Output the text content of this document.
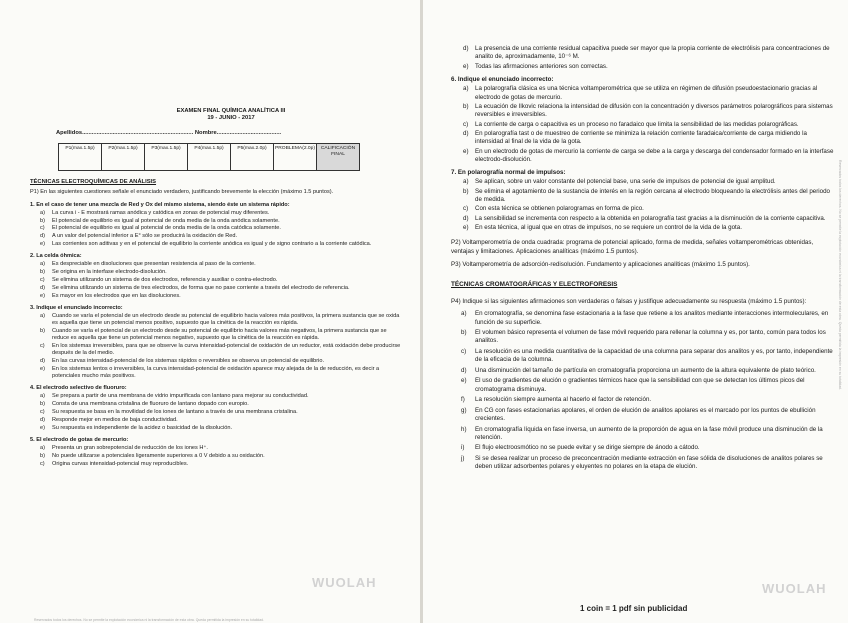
EXAMEN FINAL QUÍMICA ANALÍTICA III
19 - JUNIO - 2017
Apellidos..................................................................... Nombre........................................
P1(max.1.5p)	P2(max.1.5p)	P3(max.1.5p)	P4(max.1.5p)	P5(max.2.0p)	PROBLEMA(2.0p)	CALIFICACIÓN FINAL
TÉCNICAS ELECTROQUÍMICAS DE ANÁLISIS
P1) En las siguientes cuestiones señale el enunciado verdadero, justificando brevemente la elección (máximo 1.5 puntos).
1. En el caso de tener una mezcla de Red y Ox del mismo sistema, siendo éste un sistema rápido:
a) La curva i - E mostrará ramas anódica y catódica en zonas de potencial muy diferentes.
b) El potencial de equilibrio es igual al potencial de onda media de la onda anódica solamente.
c) El potencial de equilibrio es igual al potencial de onda media de la onda catódica solamente.
d) A un valor del potencial inferior a E° sólo se producirá la oxidación de Red.
e) Las corrientes son aditivas y en el potencial de equilibrio la corriente anódica es igual y de signo contrario a la corriente catódica.
2. La celda óhmica:
a) Es despreciable en disoluciones que presentan resistencia al paso de la corriente.
b) Se origina en la interfase electrodo-disolución.
c) Se elimina utilizando un sistema de dos electrodos, referencia y auxiliar o contra-electrodo.
d) Se elimina utilizando un sistema de tres electrodos, de forma que no pase corriente a través del electrodo de referencia.
e) Es mayor en los electrodos que en las disoluciones.
3. Indique el enunciado incorrecto:
a) Cuando se varía el potencial de un electrodo desde su potencial de equilibrio hacia valores más positivos, la primera sustancia que se oxida es aquella que tiene un potencial menos positivo, supuesto que la cinética de la reacción es rápida.
b) Cuando se varía el potencial de un electrodo desde su potencial de equilibrio hacia valores más negativos, la primera sustancia que se reduce es aquella que tiene un potencial menos negativo, supuesto que la cinética de la reacción es rápida.
c) En los sistemas irreversibles, para que se observe la curva intensidad-potencial de oxidación de un reductor, está oxidación debe producirse después de la del medio.
d) En las curvas intensidad-potencial de los sistemas rápidos o reversibles se observa un potencial de equilibrio.
e) En los sistemas lentos o irreversibles, la curva intensidad-potencial de oxidación aparece muy alejada de la de reducción, es decir a potenciales mucho más positivos.
4. El electrodo selectivo de fluoruro:
a) Se prepara a partir de una membrana de vidrio impurificada con lantano para mejorar su conductividad.
b) Consta de una membrana cristalina de fluoruro de lantano dopado con europio.
c) Su respuesta se basa en la movilidad de los iones de lantano a través de una membrana cristalina.
d) Responde mejor en medios de baja conductividad.
e) Su respuesta es independiente de la acidez o basicidad de la disolución.
5. El electrodo de gotas de mercurio:
a) Presenta un gran sobrepotencial de reducción de los iones H⁺.
b) No puede utilizarse a potenciales ligeramente superiores a 0 V debido a su oxidación.
c) Origina curvas intensidad-potencial muy reproducibles.
Reservados todos los derechos. No se permite la explotación económica ni la transformación de esta obra. Queda permitida la impresión en su totalidad.
d) La presencia de una corriente residual capacitiva puede ser mayor que la propia corriente de electrólisis para concentraciones de analito de, aproximadamente, 10⁻⁶ M.
e) Todas las afirmaciones anteriores son correctas.
6. Indique el enunciado incorrecto:
a) La polarografía clásica es una técnica voltamperométrica que se utiliza en régimen de difusión pseudoestacionario gracias al electrodo de gotas de mercurio.
b) La ecuación de Ilkovic relaciona la intensidad de difusión con la concentración y diversos parámetros polarográficos para sistemas reversibles e irreversibles.
c) La corriente de carga o capacitiva es un proceso no faradaico que limita la sensibilidad de las medidas polarográficas.
d) En polarografía tast o de muestreo de corriente se minimiza la relación corriente faradaica/corriente de carga midiendo la intensidad al final de la vida de la gota.
e) En un electrodo de gotas de mercurio la corriente de carga se debe a la carga y descarga del condensador formado en la interfase electrodo-disolución.
7. En polarografía normal de impulsos:
a) Se aplican, sobre un valor constante del potencial base, una serie de impulsos de potencial de igual amplitud.
b) Se elimina el agotamiento de la sustancia de interés en la región cercana al electrodo bloqueando la electrólisis antes del periodo de medida.
c) Con esta técnica se obtienen polarogramas en forma de pico.
d) La sensibilidad se incrementa con respecto a la obtenida en polarografía tast gracias a la disminución de la corriente capacitiva.
e) En esta técnica, al igual que en otras de impulsos, no se requiere un control de la vida de la gota.
P2) Voltamperometría de onda cuadrada: programa de potencial aplicado, forma de medida, señales voltamperométricas obtenidas, ventajas y limitaciones. Aplicaciones analíticas (máximo 1.5 puntos).
P3) Voltamperometría de adsorción-redisolución. Fundamento y aplicaciones analíticas (máximo 1.5 puntos).
TÉCNICAS CROMATOGRÁFICAS Y ELECTROFORESIS
P4) Indique si las siguientes afirmaciones son verdaderas o falsas y justifique adecuadamente su respuesta (máximo 1.5 puntos):
a) En cromatografía, se denomina fase estacionaria a la fase que retiene a los analitos mediante interacciones intermoleculares, en función de su superficie.
b) El volumen básico representa el volumen de fase móvil requerido para rellenar la columna y es, por tanto, común para todos los analitos.
c) La resolución es una medida cuantitativa de la capacidad de una columna para separar dos analitos y es, por tanto, independiente de la eficacia de la columna.
d) Una disminución del tamaño de partícula en cromatografía proporciona un aumento de la altura equivalente de plato teórico.
e) El uso de gradientes de elución o gradientes térmicos hace que la sensibilidad con que se detectan los últimos picos del cromatograma disminuya.
f) La resolución siempre aumenta al hacerlo el factor de retención.
g) En CG con fases estacionarias apolares, el orden de elución de analitos apolares es el marcado por los puntos de ebullición crecientes.
h) En cromatografía líquida en fase inversa, un aumento de la proporción de agua en la fase móvil produce una disminución de la retención.
i) El flujo electroosmótico no se puede evitar y se dirige siempre de ánodo a cátodo.
j) Si se desea realizar un proceso de preconcentración mediante extracción en fase sólida de disoluciones de analitos polares se deben utilizar adsorbentes polares y eluyentes no polares en la etapa de elución.
WUOLAH	WUOLAH
1 coin = 1 pdf sin publicidad
Reservados todos los derechos. No se permite la explotación económica ni la transformación de esta obra. Queda permitida la impresión en su totalidad.
